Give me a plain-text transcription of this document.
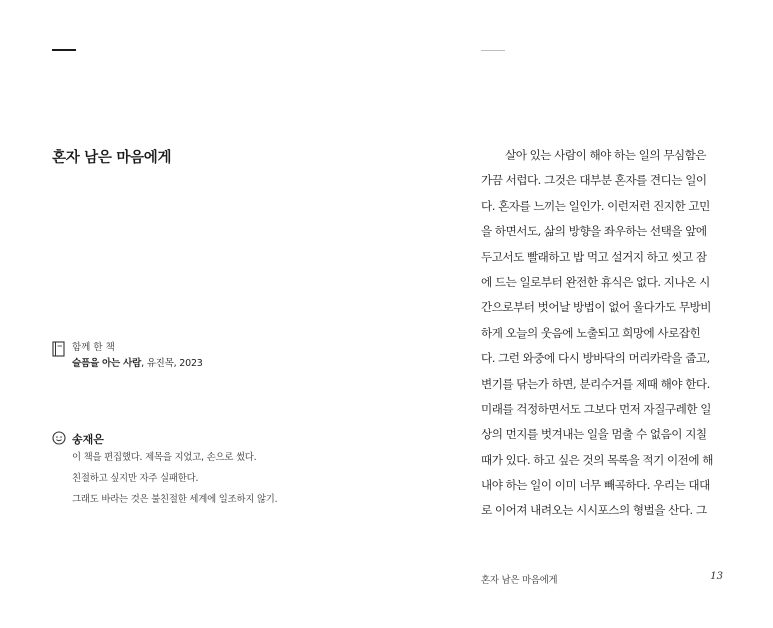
혼자 남은 마음에게
함께 한 책
슬픔을 아는 사람, 유진목, 2023
송재은
이 책을 편집했다. 제목을 지었고, 손으로 썼다.
친절하고 싶지만 자주 실패한다.
그래도 바라는 것은 불친절한 세계에 일조하지 않기.
살아 있는 사람이 해야 하는 일의 무심함은
가끔 서럽다. 그것은 대부분 혼자를 견디는 일이
다. 혼자를 느끼는 일인가. 이런저런 진지한 고민
을 하면서도, 삶의 방향을 좌우하는 선택을 앞에
두고서도 빨래하고 밥 먹고 설거지 하고 씻고 잠
에 드는 일로부터 완전한 휴식은 없다. 지나온 시
간으로부터 벗어날 방법이 없어 울다가도 무방비
하게 오늘의 웃음에 노출되고 희망에 사로잡힌
다. 그런 와중에 다시 방바닥의 머리카락을 줍고,
변기를 닦는가 하면, 분리수거를 제때 해야 한다.
미래를 걱정하면서도 그보다 먼저 자질구레한 일
상의 먼지를 벗겨내는 일을 멈출 수 없음이 지칠
때가 있다. 하고 싶은 것의 목록을 적기 이전에 해
내야 하는 일이 이미 너무 빼곡하다. 우리는 대대
로 이어져 내려오는 시시포스의 형벌을 산다. 그
혼자 남은 마음에게	13
